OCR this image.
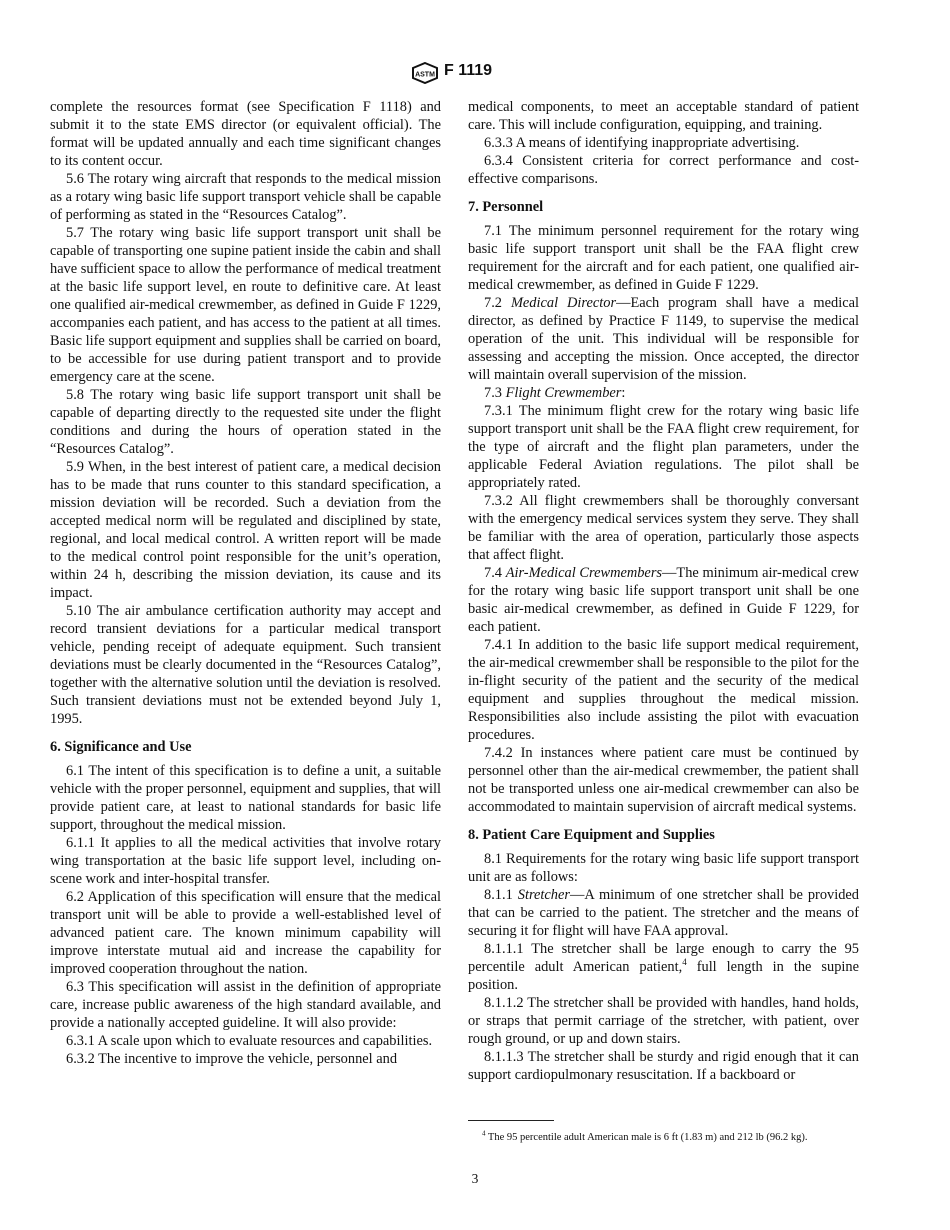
ASTM F 1119

complete the resources format (see Specification F 1118) and submit it to the state EMS director (or equivalent official). The format will be updated annually and each time significant changes to its content occur.

5.6 The rotary wing aircraft that responds to the medical mission as a rotary wing basic life support transport vehicle shall be capable of performing as stated in the “Resources Catalog”.

5.7 The rotary wing basic life support transport unit shall be capable of transporting one supine patient inside the cabin and shall have sufficient space to allow the performance of medical treatment at the basic life support level, en route to definitive care. At least one qualified air-medical crewmember, as defined in Guide F 1229, accompanies each patient, and has access to the patient at all times. Basic life support equipment and supplies shall be carried on board, to be accessible for use during patient transport and to provide emergency care at the scene.

5.8 The rotary wing basic life support transport unit shall be capable of departing directly to the requested site under the flight conditions and during the hours of operation stated in the “Resources Catalog”.

5.9 When, in the best interest of patient care, a medical decision has to be made that runs counter to this standard specification, a mission deviation will be recorded. Such a deviation from the accepted medical norm will be regulated and disciplined by state, regional, and local medical control. A written report will be made to the medical control point responsible for the unit’s operation, within 24 h, describing the mission deviation, its cause and its impact.

5.10 The air ambulance certification authority may accept and record transient deviations for a particular medical transport vehicle, pending receipt of adequate equipment. Such transient deviations must be clearly documented in the “Resources Catalog”, together with the alternative solution until the deviation is resolved. Such transient deviations must not be extended beyond July 1, 1995.

6. Significance and Use

6.1 The intent of this specification is to define a unit, a suitable vehicle with the proper personnel, equipment and supplies, that will provide patient care, at least to national standards for basic life support, throughout the medical mission.

6.1.1 It applies to all the medical activities that involve rotary wing transportation at the basic life support level, including on-scene work and inter-hospital transfer.

6.2 Application of this specification will ensure that the medical transport unit will be able to provide a well-established level of advanced patient care. The known minimum capability will improve interstate mutual aid and increase the capability for improved cooperation throughout the nation.

6.3 This specification will assist in the definition of appropriate care, increase public awareness of the high standard available, and provide a nationally accepted guideline. It will also provide:

6.3.1 A scale upon which to evaluate resources and capabilities.

6.3.2 The incentive to improve the vehicle, personnel and

medical components, to meet an acceptable standard of patient care. This will include configuration, equipping, and training.

6.3.3 A means of identifying inappropriate advertising.

6.3.4 Consistent criteria for correct performance and cost-effective comparisons.

7. Personnel

7.1 The minimum personnel requirement for the rotary wing basic life support transport unit shall be the FAA flight crew requirement for the aircraft and for each patient, one qualified air-medical crewmember, as defined in Guide F 1229.

7.2 Medical Director—Each program shall have a medical director, as defined by Practice F 1149, to supervise the medical operation of the unit. This individual will be responsible for assessing and accepting the mission. Once accepted, the director will maintain overall supervision of the mission.

7.3 Flight Crewmember:

7.3.1 The minimum flight crew for the rotary wing basic life support transport unit shall be the FAA flight crew requirement, for the type of aircraft and the flight plan parameters, under the applicable Federal Aviation regulations. The pilot shall be appropriately rated.

7.3.2 All flight crewmembers shall be thoroughly conversant with the emergency medical services system they serve. They shall be familiar with the area of operation, particularly those aspects that affect flight.

7.4 Air-Medical Crewmembers—The minimum air-medical crew for the rotary wing basic life support transport unit shall be one basic air-medical crewmember, as defined in Guide F 1229, for each patient.

7.4.1 In addition to the basic life support medical requirement, the air-medical crewmember shall be responsible to the pilot for the in-flight security of the patient and the security of the medical equipment and supplies throughout the medical mission. Responsibilities also include assisting the pilot with evacuation procedures.

7.4.2 In instances where patient care must be continued by personnel other than the air-medical crewmember, the patient shall not be transported unless one air-medical crewmember can also be accommodated to maintain supervision of aircraft medical systems.

8. Patient Care Equipment and Supplies

8.1 Requirements for the rotary wing basic life support transport unit are as follows:

8.1.1 Stretcher—A minimum of one stretcher shall be provided that can be carried to the patient. The stretcher and the means of securing it for flight will have FAA approval.

8.1.1.1 The stretcher shall be large enough to carry the 95 percentile adult American patient,$^4$ full length in the supine position.

8.1.1.2 The stretcher shall be provided with handles, hand holds, or straps that permit carriage of the stretcher, with patient, over rough ground, or up and down stairs.

8.1.1.3 The stretcher shall be sturdy and rigid enough that it can support cardiopulmonary resuscitation. If a backboard or

$^4$ The 95 percentile adult American male is 6 ft (1.83 m) and 212 lb (96.2 kg).
3
